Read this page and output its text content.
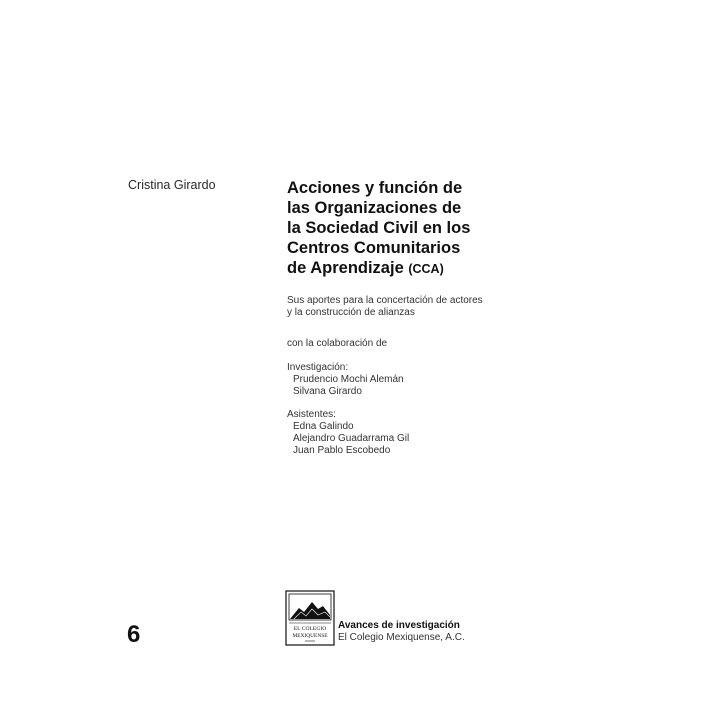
Cristina Girardo	Acciones y función de
las Organizaciones de
la Sociedad Civil en los
Centros Comunitarios
de Aprendizaje (CCA)
Sus aportes para la concertación de actores
y la construcción de alianzas
con la colaboración de
Investigación:
Prudencio Mochi Alemán
Silvana Girardo
Asistentes:
Edna Galindo
Alejandro Guadarrama Gil
Juan Pablo Escobedo
6	EL COLEGIO
MEXIQUENSE
Avances de investigación
El Colegio Mexiquense, A.C.
